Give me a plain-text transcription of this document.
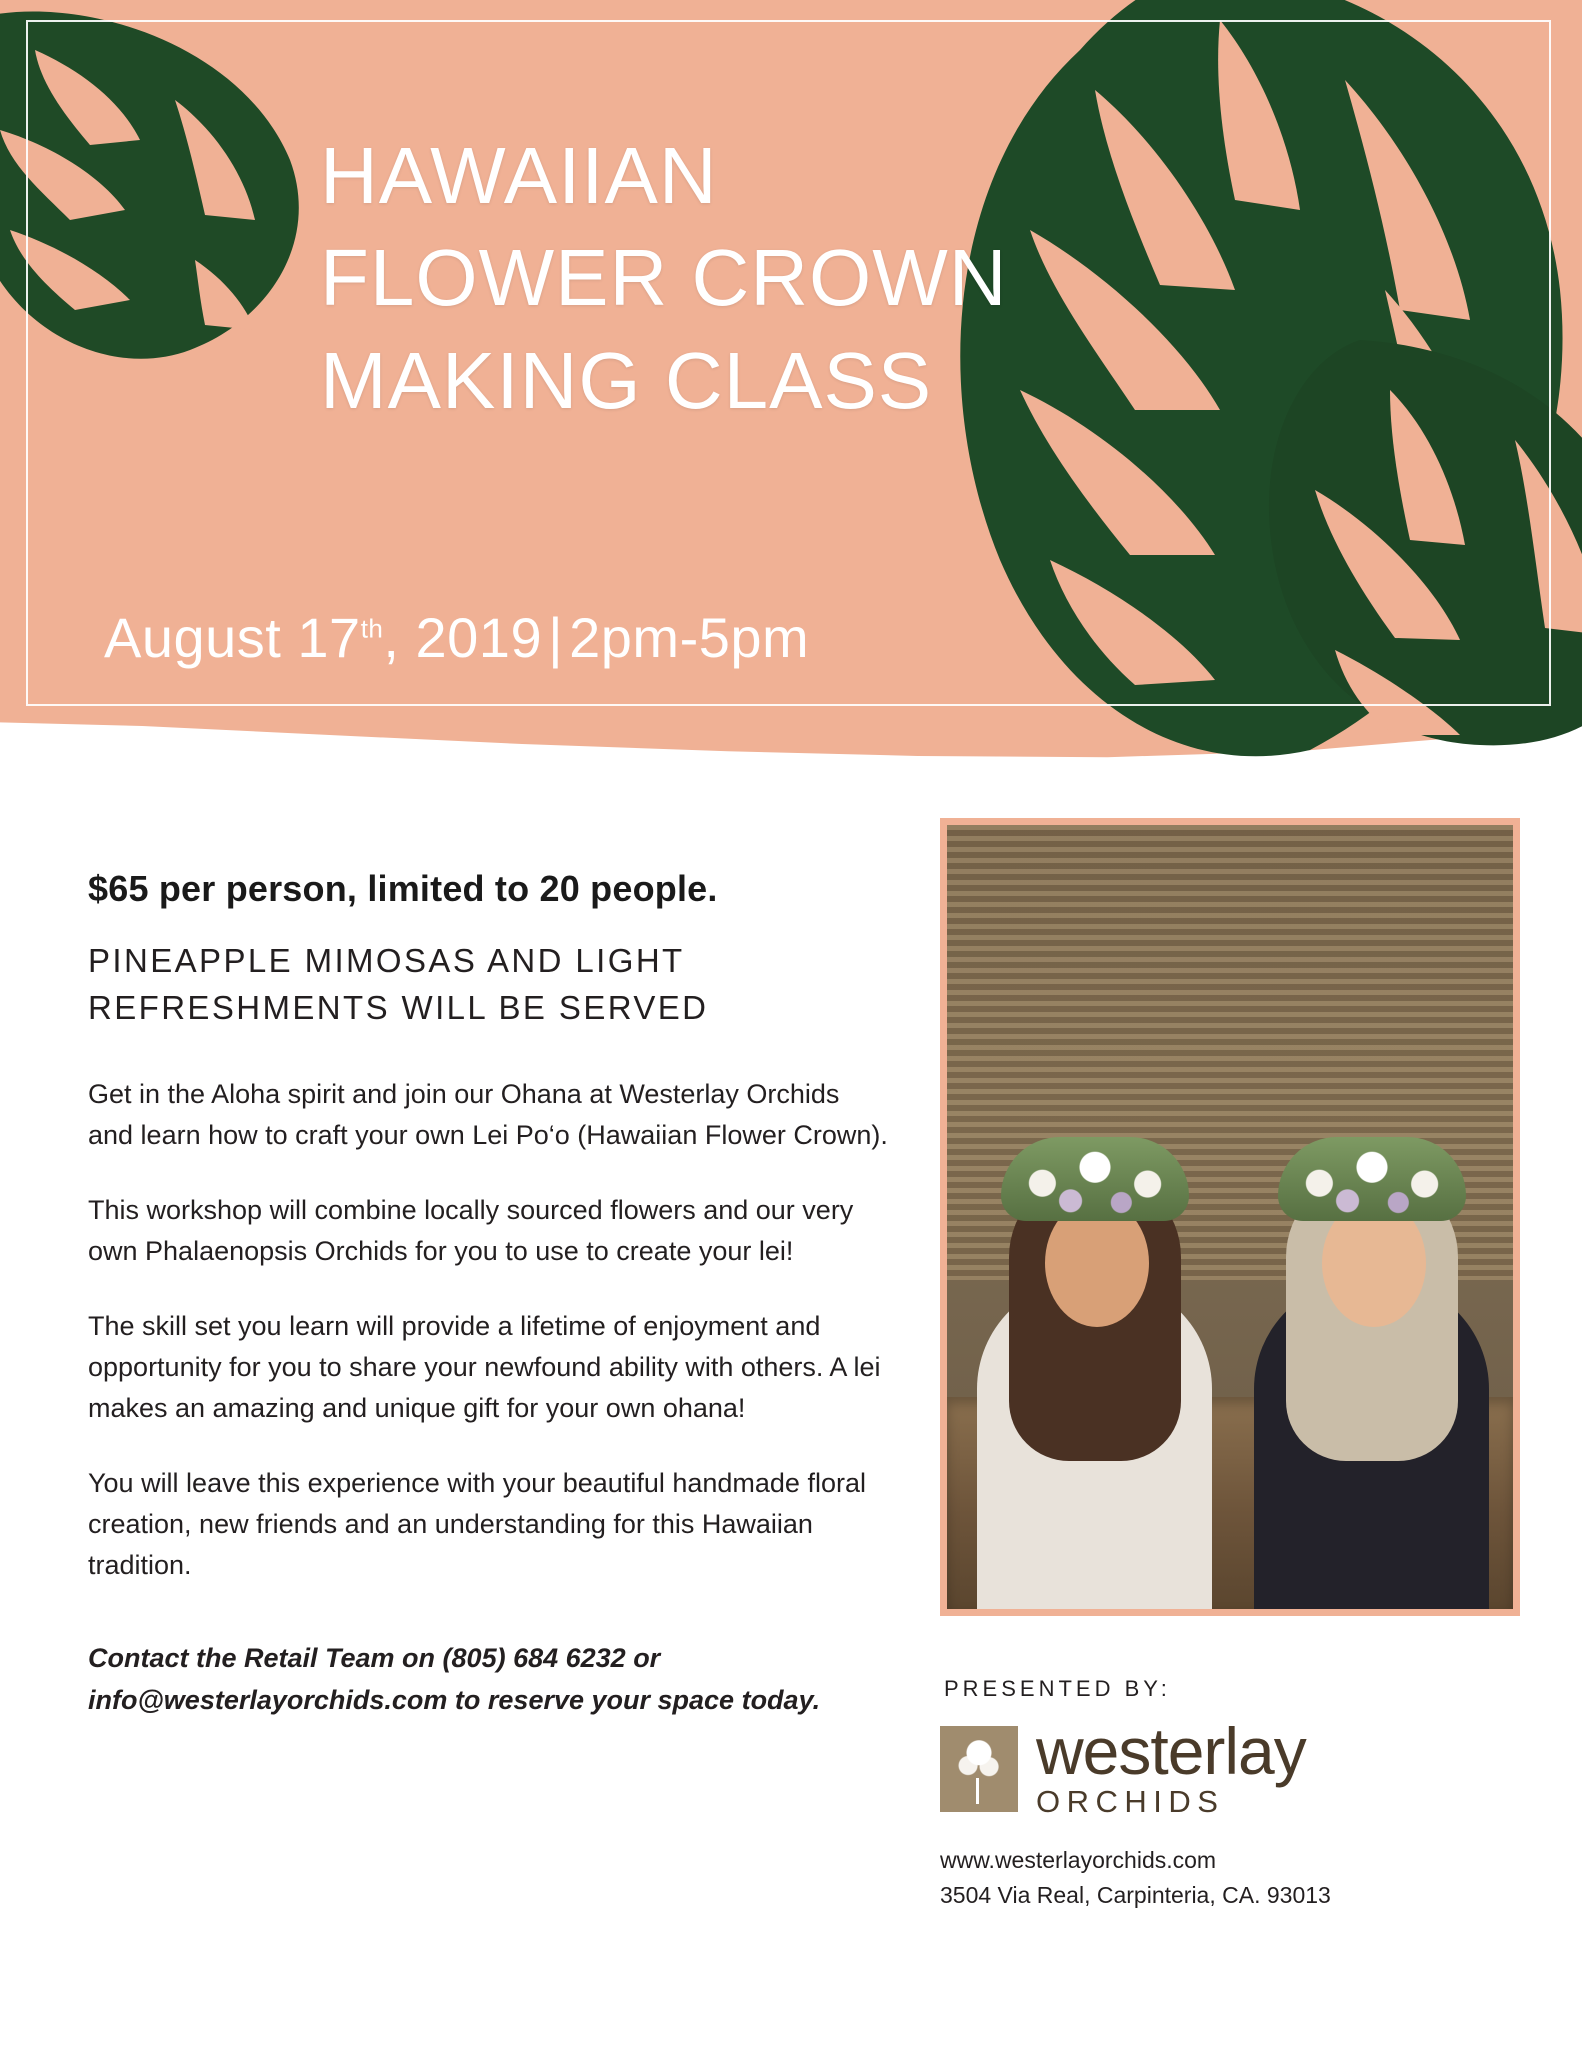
HAWAIIAN
FLOWER CROWN
MAKING CLASS
August 17th, 2019 | 2pm-5pm

$65 per person, limited to 20 people.

PINEAPPLE MIMOSAS AND LIGHT REFRESHMENTS WILL BE SERVED

Get in the Aloha spirit and join our Ohana at Westerlay Orchids and learn how to craft your own Lei Po‘o (Hawaiian Flower Crown).

This workshop will combine locally sourced flowers and our very own Phalaenopsis Orchids for you to use to create your lei!

The skill set you learn will provide a lifetime of enjoyment and opportunity for you to share your newfound ability with others. A lei makes an amazing and unique gift for your own ohana!

You will leave this experience with your beautiful handmade floral creation, new friends and an understanding for this Hawaiian tradition.

Contact the Retail Team on (805) 684 6232 or info@westerlayorchids.com to reserve your space today.	PRESENTED BY:
westerlay
ORCHIDS
www.westerlayorchids.com
3504 Via Real, Carpinteria, CA. 93013
